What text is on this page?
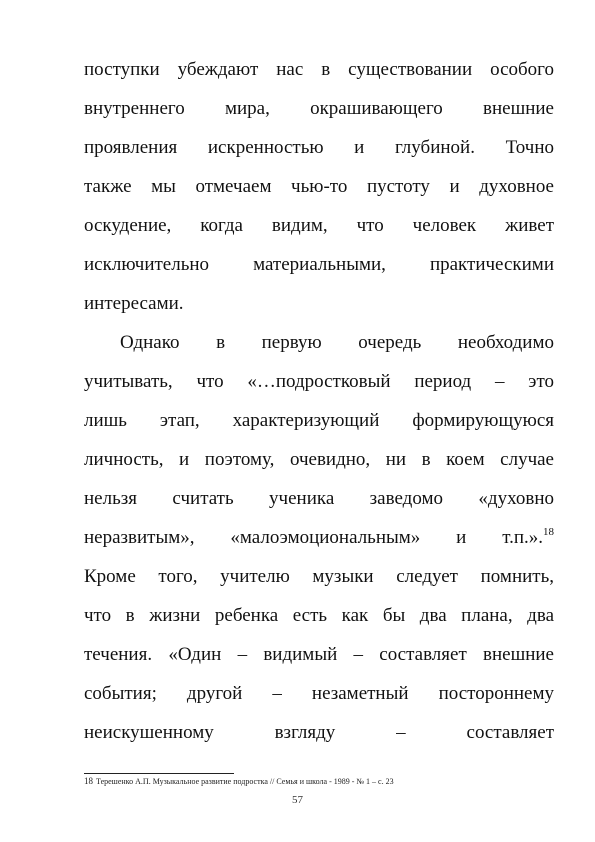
поступки убеждают нас в существовании особого
внутреннего мира, окрашивающего внешние
проявления искренностью и глубиной. Точно
также мы отмечаем чью-то пустоту и духовное
оскудение, когда видим, что человек живет
исключительно материальными, практическими
интересами.
Однако в первую очередь необходимо
учитывать, что «…подростковый период – это
лишь этап, характеризующий формирующуюся
личность, и поэтому, очевидно, ни в коем случае
нельзя считать ученика заведомо «духовно
неразвитым», «малоэмоциональным» и т.п.».$^{18}$
Кроме того, учителю музыки следует помнить,
что в жизни ребенка есть как бы два плана, два
течения. «Один – видимый – составляет внешние
события; другой – незаметный постороннему
неискушенному взгляду – составляет
18 Терешенко А.П. Музыкальное развитие подростка // Семья и школа - 1989 - № 1 – с. 23
57
